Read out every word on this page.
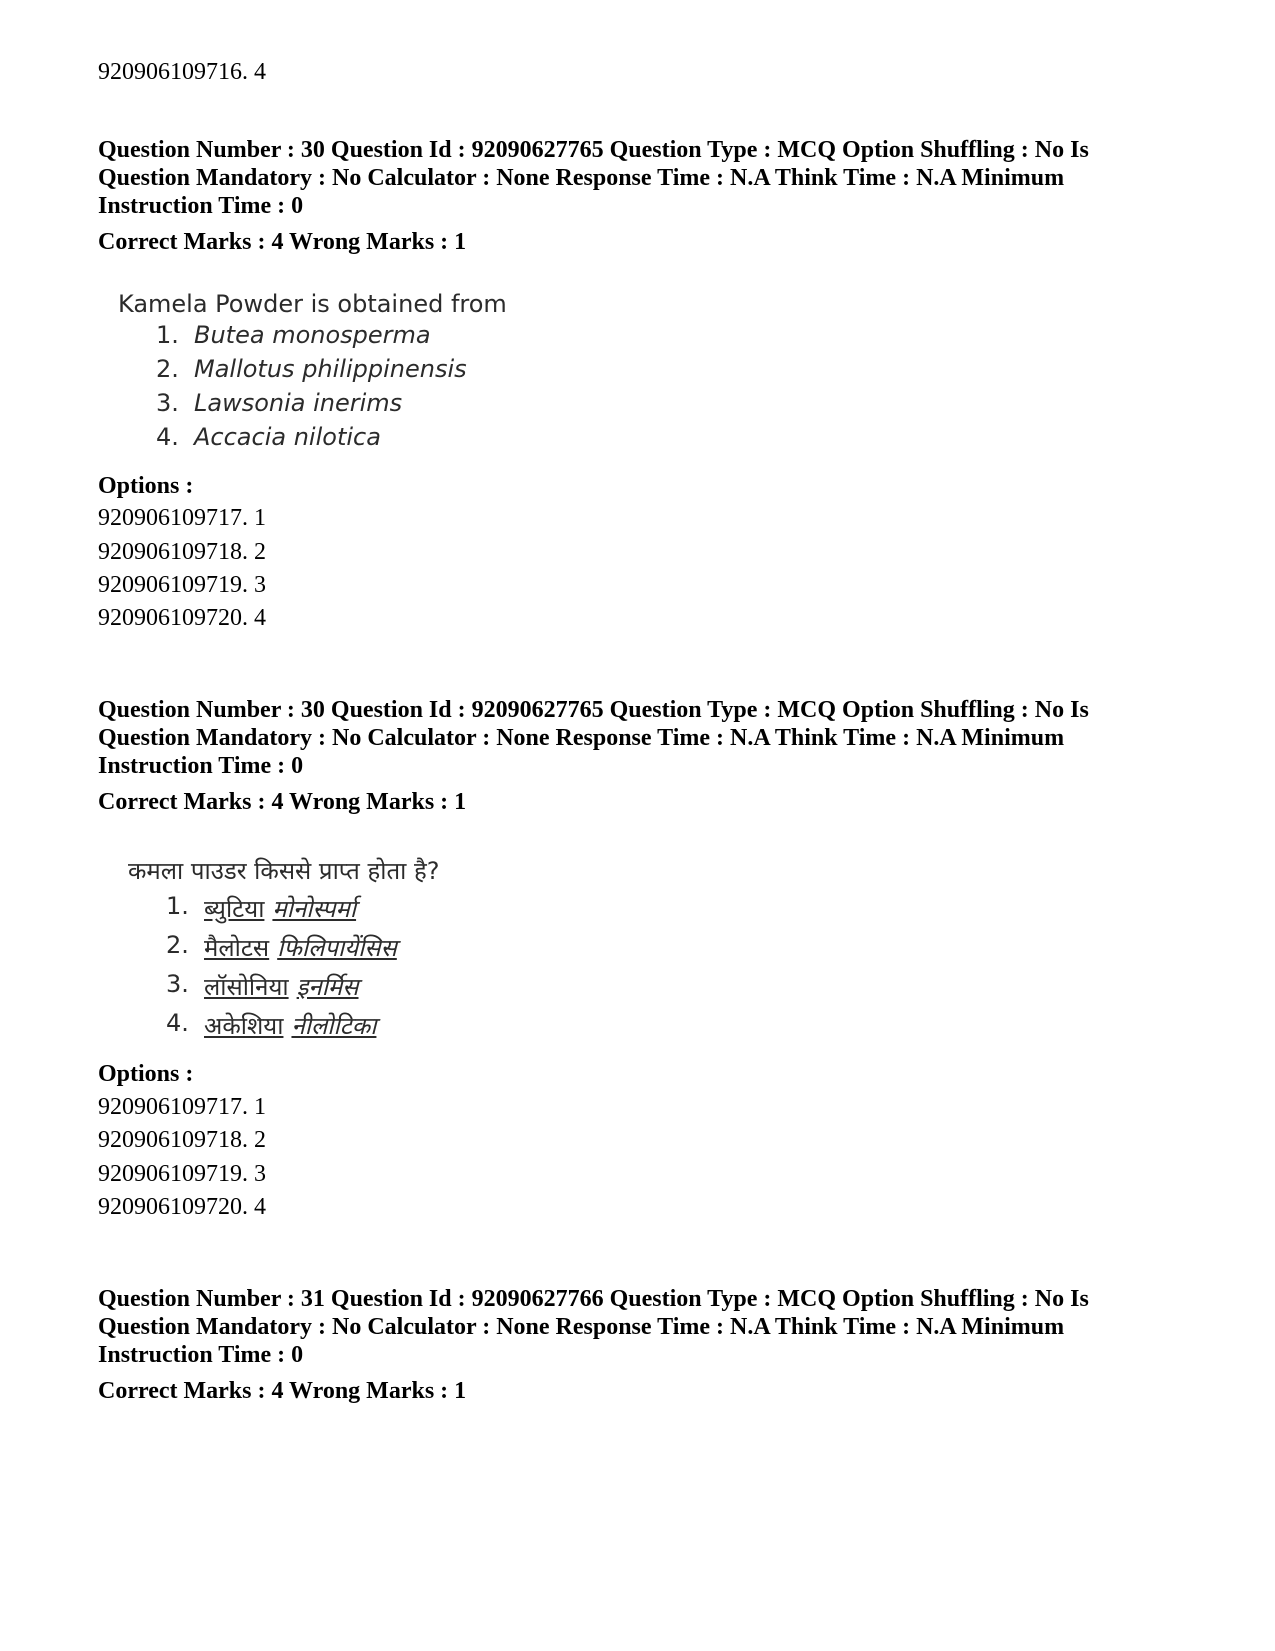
920906109716. 4
Question Number : 30 Question Id : 92090627765 Question Type : MCQ Option Shuffling : No Is Question Mandatory : No Calculator : None Response Time : N.A Think Time : N.A Minimum Instruction Time : 0
Correct Marks : 4 Wrong Marks : 1
Kamela Powder is obtained from
1. Butea monosperma
2. Mallotus philippinensis
3. Lawsonia inerims
4. Accacia nilotica
Options :
920906109717. 1
920906109718. 2
920906109719. 3
920906109720. 4
Question Number : 30 Question Id : 92090627765 Question Type : MCQ Option Shuffling : No Is Question Mandatory : No Calculator : None Response Time : N.A Think Time : N.A Minimum Instruction Time : 0
Correct Marks : 4 Wrong Marks : 1
कमला पाउडर किससे प्राप्त होता है?
1. ब्युटिया मोनोस्पर्मा
2. मैलोटस फिलिपायेंसिस
3. लॉसोनिया इनर्मिस
4. अकेशिया नीलोटिका
Options :
920906109717. 1
920906109718. 2
920906109719. 3
920906109720. 4
Question Number : 31 Question Id : 92090627766 Question Type : MCQ Option Shuffling : No Is Question Mandatory : No Calculator : None Response Time : N.A Think Time : N.A Minimum Instruction Time : 0
Correct Marks : 4 Wrong Marks : 1
